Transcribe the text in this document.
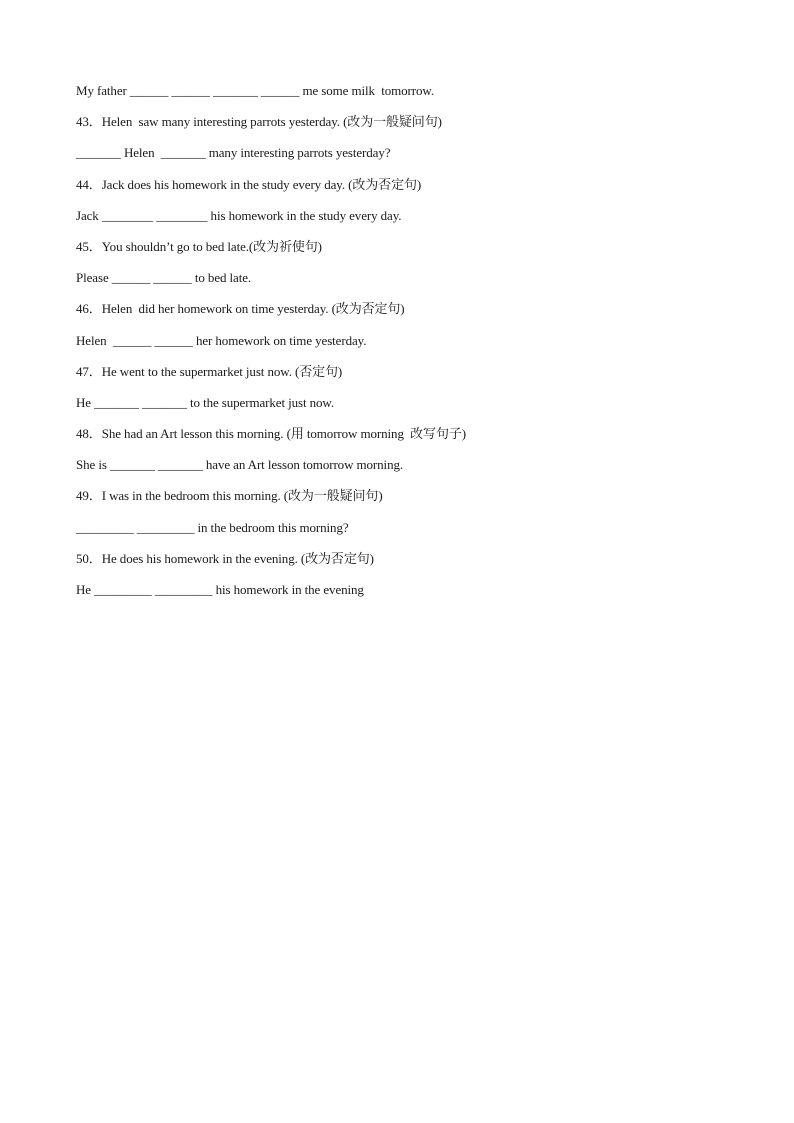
My father ______ ______ _______ ______ me some milk  tomorrow.
43．Helen  saw many interesting parrots yesterday. (改为一般疑问句)
_______ Helen  _______ many interesting parrots yesterday?
44．Jack does his homework in the study every day. (改为否定句)
Jack ________ ________ his homework in the study every day.
45．You shouldn’t go to bed late.(改为祈使句)
Please ______ ______ to bed late.
46．Helen  did her homework on time yesterday. (改为否定句)
Helen  ______ ______ her homework on time yesterday.
47．He went to the supermarket just now. (否定句)
He _______ _______ to the supermarket just now.
48．She had an Art lesson this morning. (用 tomorrow morning  改写句子)
She is _______ _______ have an Art lesson tomorrow morning.
49．I was in the bedroom this morning. (改为一般疑问句)
_________ _________ in the bedroom this morning?
50．He does his homework in the evening. (改为否定句)
He _________ _________ his homework in the evening
